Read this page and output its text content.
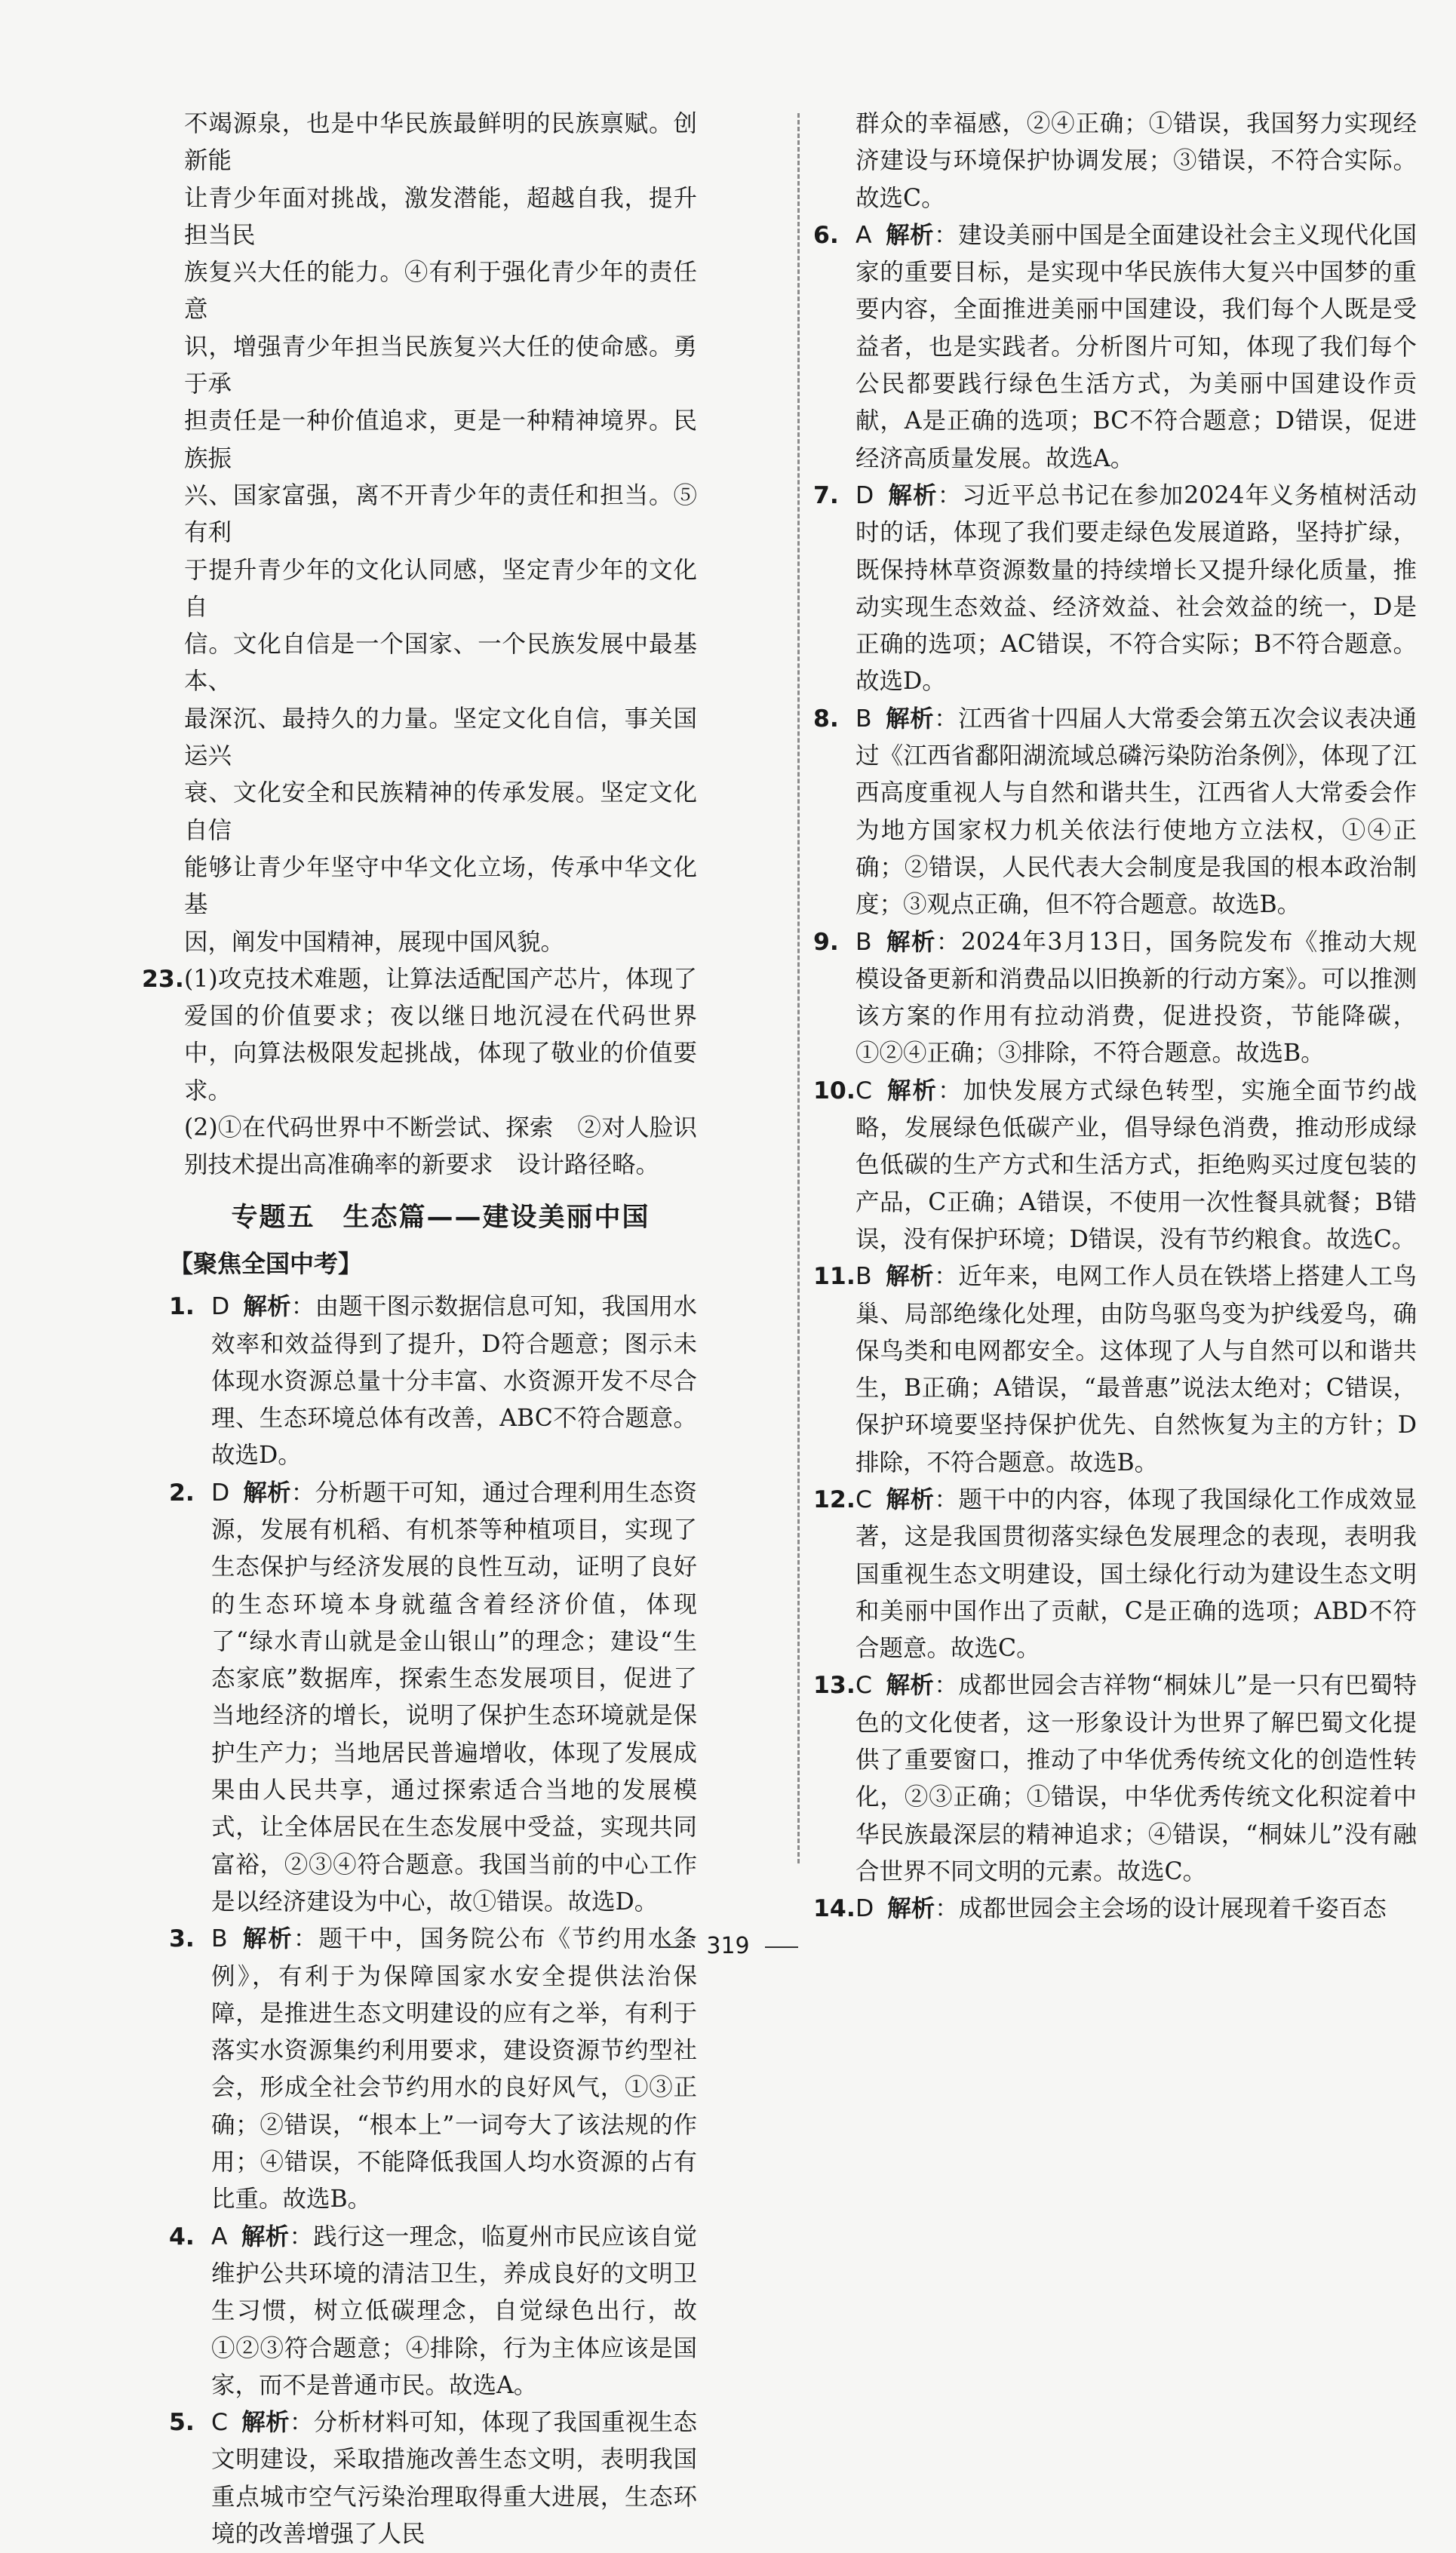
不竭源泉，也是中华民族最鲜明的民族禀赋。创新能

让青少年面对挑战，激发潜能，超越自我，提升担当民

族复兴大任的能力。④有利于强化青少年的责任意

识，增强青少年担当民族复兴大任的使命感。勇于承

担责任是一种价值追求，更是一种精神境界。民族振

兴、国家富强，离不开青少年的责任和担当。⑤有利

于提升青少年的文化认同感，坚定青少年的文化自

信。文化自信是一个国家、一个民族发展中最基本、

最深沉、最持久的力量。坚定文化自信，事关国运兴

衰、文化安全和民族精神的传承发展。坚定文化自信

能够让青少年坚守中华文化立场，传承中华文化基

因，阐发中国精神，展现中国风貌。

23. (1)攻克技术难题，让算法适配国产芯片，体现了爱国的价值要求；夜以继日地沉浸在代码世界中，向算法极限发起挑战，体现了敬业的价值要求。

(2)①在代码世界中不断尝试、探索　②对人脸识别技术提出高准确率的新要求　设计路径略。

专题五　生态篇——建设美丽中国
【聚焦全国中考】
1. D 解析：由题干图示数据信息可知，我国用水效率和效益得到了提升，D符合题意；图示未体现水资源总量十分丰富、水资源开发不尽合理、生态环境总体有改善，ABC不符合题意。故选D。
2. D 解析：分析题干可知，通过合理利用生态资源，发展有机稻、有机茶等种植项目，实现了生态保护与经济发展的良性互动，证明了良好的生态环境本身就蕴含着经济价值，体现了“绿水青山就是金山银山”的理念；建设“生态家底”数据库，探索生态发展项目，促进了当地经济的增长，说明了保护生态环境就是保护生产力；当地居民普遍增收，体现了发展成果由人民共享，通过探索适合当地的发展模式，让全体居民在生态发展中受益，实现共同富裕，②③④符合题意。我国当前的中心工作是以经济建设为中心，故①错误。故选D。
3. B 解析：题干中，国务院公布《节约用水条例》，有利于为保障国家水安全提供法治保障，是推进生态文明建设的应有之举，有利于落实水资源集约利用要求，建设资源节约型社会，形成全社会节约用水的良好风气，①③正确；②错误，“根本上”一词夸大了该法规的作用；④错误，不能降低我国人均水资源的占有比重。故选B。
4. A 解析：践行这一理念，临夏州市民应该自觉维护公共环境的清洁卫生，养成良好的文明卫生习惯，树立低碳理念，自觉绿色出行，故①②③符合题意；④排除，行为主体应该是国家，而不是普通市民。故选A。
5. C 解析：分析材料可知，体现了我国重视生态文明建设，采取措施改善生态文明，表明我国重点城市空气污染治理取得重大进展，生态环境的改善增强了人民

群众的幸福感，②④正确；①错误，我国努力实现经济建设与环境保护协调发展；③错误，不符合实际。故选C。

6. A 解析：建设美丽中国是全面建设社会主义现代化国家的重要目标，是实现中华民族伟大复兴中国梦的重要内容，全面推进美丽中国建设，我们每个人既是受益者，也是实践者。分析图片可知，体现了我们每个公民都要践行绿色生活方式，为美丽中国建设作贡献，A是正确的选项；BC不符合题意；D错误，促进经济高质量发展。故选A。
7. D 解析：习近平总书记在参加2024年义务植树活动时的话，体现了我们要走绿色发展道路，坚持扩绿，既保持林草资源数量的持续增长又提升绿化质量，推动实现生态效益、经济效益、社会效益的统一，D是正确的选项；AC错误，不符合实际；B不符合题意。故选D。
8. B 解析：江西省十四届人大常委会第五次会议表决通过《江西省鄱阳湖流域总磷污染防治条例》，体现了江西高度重视人与自然和谐共生，江西省人大常委会作为地方国家权力机关依法行使地方立法权，①④正确；②错误，人民代表大会制度是我国的根本政治制度；③观点正确，但不符合题意。故选B。
9. B 解析：2024年3月13日，国务院发布《推动大规模设备更新和消费品以旧换新的行动方案》。可以推测该方案的作用有拉动消费，促进投资，节能降碳，①②④正确；③排除，不符合题意。故选B。
10. C 解析：加快发展方式绿色转型，实施全面节约战略，发展绿色低碳产业，倡导绿色消费，推动形成绿色低碳的生产方式和生活方式，拒绝购买过度包装的产品，C正确；A错误，不使用一次性餐具就餐；B错误，没有保护环境；D错误，没有节约粮食。故选C。
11. B 解析：近年来，电网工作人员在铁塔上搭建人工鸟巢、局部绝缘化处理，由防鸟驱鸟变为护线爱鸟，确保鸟类和电网都安全。这体现了人与自然可以和谐共生，B正确；A错误，“最普惠”说法太绝对；C错误，保护环境要坚持保护优先、自然恢复为主的方针；D排除，不符合题意。故选B。
12. C 解析：题干中的内容，体现了我国绿化工作成效显著，这是我国贯彻落实绿色发展理念的表现，表明我国重视生态文明建设，国土绿化行动为建设生态文明和美丽中国作出了贡献，C是正确的选项；ABD不符合题意。故选C。
13. C 解析：成都世园会吉祥物“桐妹儿”是一只有巴蜀特色的文化使者，这一形象设计为世界了解巴蜀文化提供了重要窗口，推动了中华优秀传统文化的创造性转化，②③正确；①错误，中华优秀传统文化积淀着中华民族最深层的精神追求；④错误，“桐妹儿”没有融合世界不同文明的元素。故选C。
14. D 解析：成都世园会主会场的设计展现着千姿百态
319
